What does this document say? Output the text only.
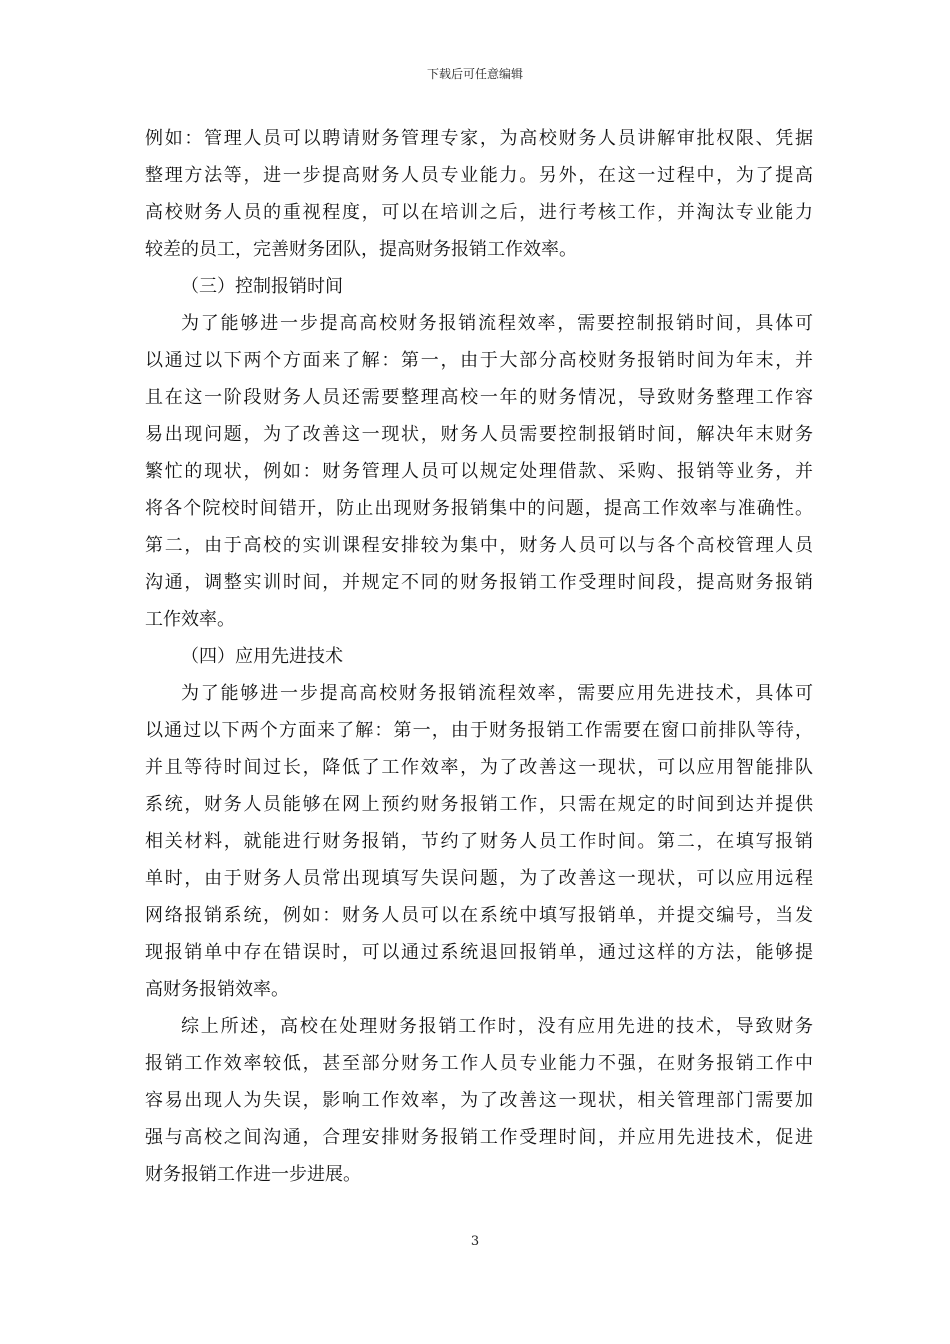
下载后可任意编辑
例如：管理人员可以聘请财务管理专家，为高校财务人员讲解审批权限、凭据
整理方法等，进一步提高财务人员专业能力。另外，在这一过程中，为了提高
高校财务人员的重视程度，可以在培训之后，进行考核工作，并淘汰专业能力
较差的员工，完善财务团队，提高财务报销工作效率。
（三）控制报销时间
为了能够进一步提高高校财务报销流程效率，需要控制报销时间，具体可
以通过以下两个方面来了解：第一，由于大部分高校财务报销时间为年末，并
且在这一阶段财务人员还需要整理高校一年的财务情况，导致财务整理工作容
易出现问题，为了改善这一现状，财务人员需要控制报销时间，解决年末财务
繁忙的现状，例如：财务管理人员可以规定处理借款、采购、报销等业务，并
将各个院校时间错开，防止出现财务报销集中的问题，提高工作效率与准确性。
第二，由于高校的实训课程安排较为集中，财务人员可以与各个高校管理人员
沟通，调整实训时间，并规定不同的财务报销工作受理时间段，提高财务报销
工作效率。
（四）应用先进技术
为了能够进一步提高高校财务报销流程效率，需要应用先进技术，具体可
以通过以下两个方面来了解：第一，由于财务报销工作需要在窗口前排队等待，
并且等待时间过长，降低了工作效率，为了改善这一现状，可以应用智能排队
系统，财务人员能够在网上预约财务报销工作，只需在规定的时间到达并提供
相关材料，就能进行财务报销，节约了财务人员工作时间。第二，在填写报销
单时，由于财务人员常出现填写失误问题，为了改善这一现状，可以应用远程
网络报销系统，例如：财务人员可以在系统中填写报销单，并提交编号，当发
现报销单中存在错误时，可以通过系统退回报销单，通过这样的方法，能够提
高财务报销效率。
综上所述，高校在处理财务报销工作时，没有应用先进的技术，导致财务
报销工作效率较低，甚至部分财务工作人员专业能力不强，在财务报销工作中
容易出现人为失误，影响工作效率，为了改善这一现状，相关管理部门需要加
强与高校之间沟通，合理安排财务报销工作受理时间，并应用先进技术，促进
财务报销工作进一步进展。
3
